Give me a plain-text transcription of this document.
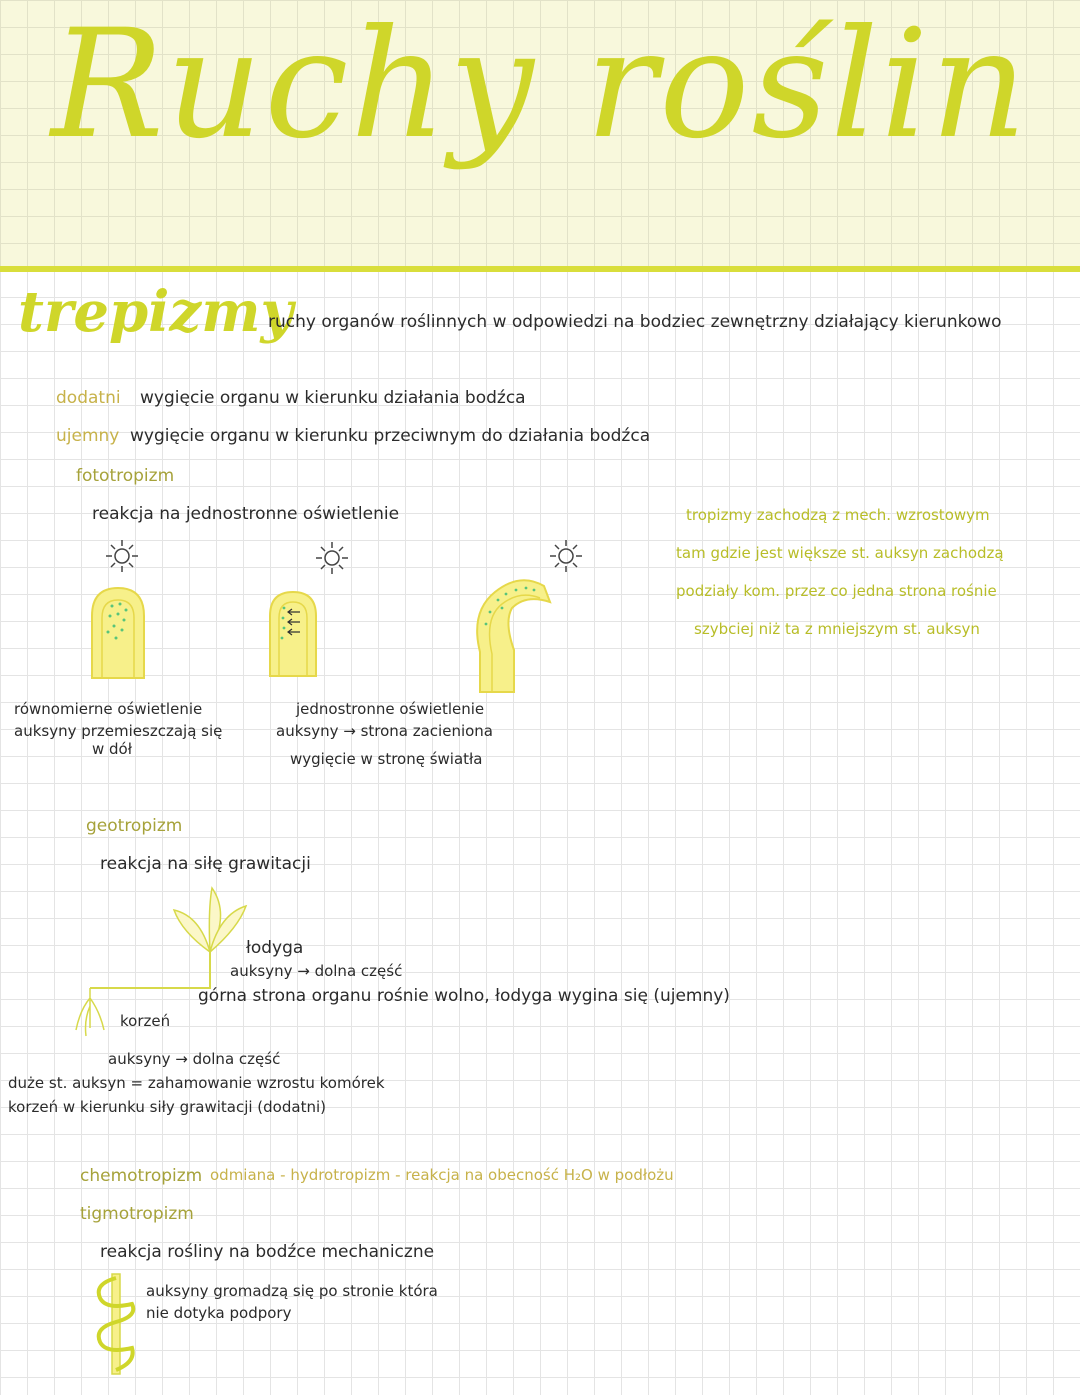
Ruchy roślin
trepizmy
ruchy organów roślinnych w odpowiedzi na bodziec zewnętrzny działający kierunkowo
dodatni wygięcie organu w kierunku działania bodźca
ujemny wygięcie organu w kierunku przeciwnym do działania bodźca
fototropizm
reakcja na jednostronne oświetlenie	tropizmy zachodzą z mech. wzrostowym
tam gdzie jest większe st. auksyn zachodzą
podziały kom. przez co jedna strona rośnie
szybciej niż ta z mniejszym st. auksyn
równomierne oświetlenie
auksyny przemieszczają się
w dół
jednostronne oświetlenie
auksyny → strona zacieniona
wygięcie w stronę światła
geotropizm
reakcja na siłę grawitacji
łodyga
auksyny → dolna część
górna strona organu rośnie wolno, łodyga wygina się (ujemny)
korzeń
auksyny → dolna część
duże st. auksyn = zahamowanie wzrostu komórek
korzeń w kierunku siły grawitacji (dodatni)
chemotropizm odmiana - hydrotropizm - reakcja na obecność H₂O w podłożu
tigmotropizm
reakcja rośliny na bodźce mechaniczne
auksyny gromadzą się po stronie która
nie dotyka podpory
